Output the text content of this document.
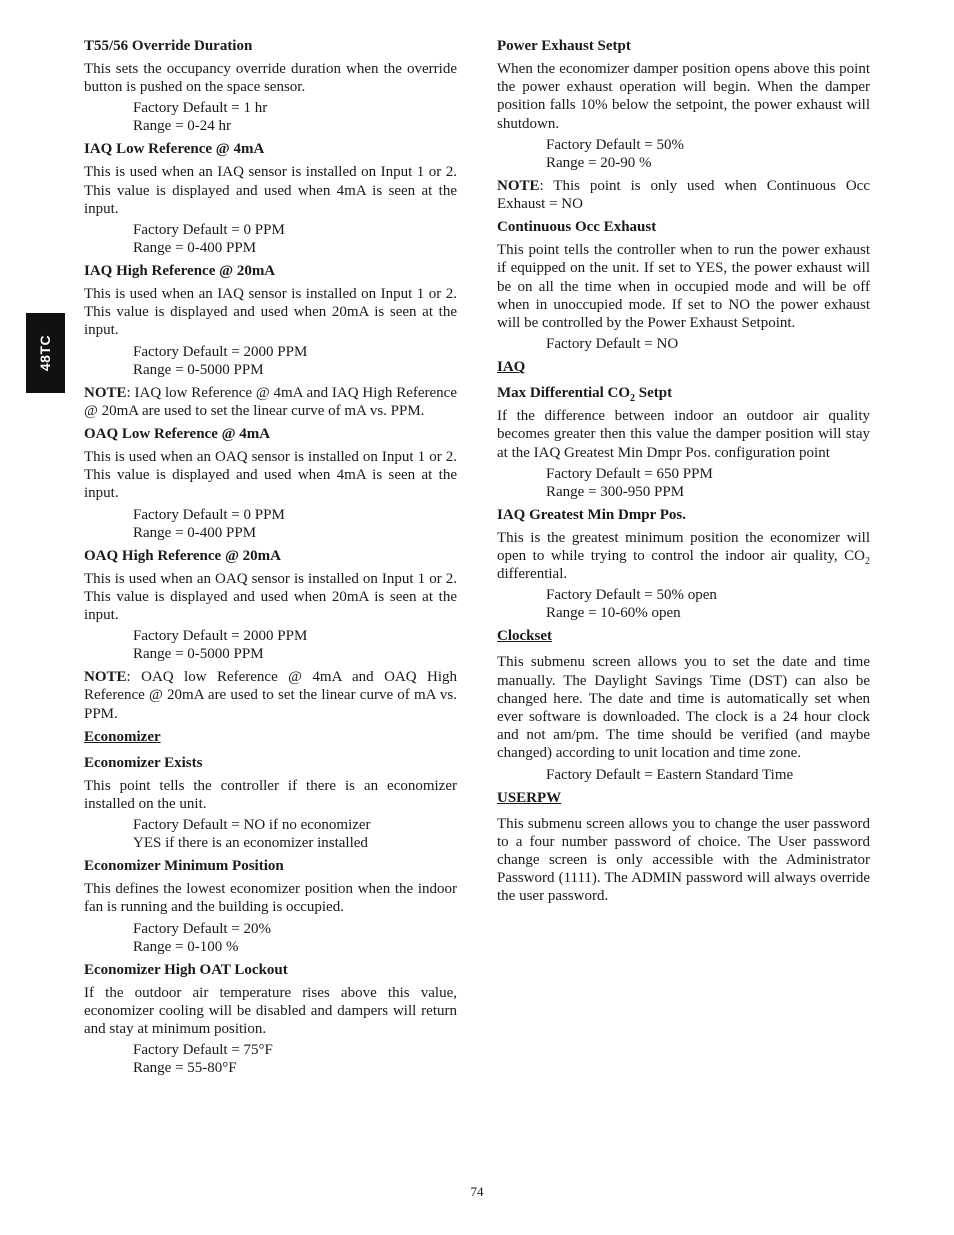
48TC
T55/56 Override Duration
This sets the occupancy override duration when the override button is pushed on the space sensor.
Factory Default = 1 hr
Range = 0-24 hr
IAQ Low Reference @ 4mA
This is used when an IAQ sensor is installed on Input 1 or 2. This value is displayed and used when 4mA is seen at the input.
Factory Default = 0 PPM
Range = 0-400 PPM
IAQ High Reference @ 20mA
This is used when an IAQ sensor is installed on Input 1 or 2. This value is displayed and used when 20mA is seen at the input.
Factory Default = 2000 PPM
Range = 0-5000 PPM
NOTE: IAQ low Reference @ 4mA and IAQ High Reference @ 20mA are used to set the linear curve of mA vs. PPM.
OAQ Low Reference @ 4mA
This is used when an OAQ sensor is installed on Input 1 or 2. This value is displayed and used when 4mA is seen at the input.
Factory Default = 0 PPM
Range = 0-400 PPM
OAQ High Reference @ 20mA
This is used when an OAQ sensor is installed on Input 1 or 2. This value is displayed and used when 20mA is seen at the input.
Factory Default = 2000 PPM
Range = 0-5000 PPM
NOTE: OAQ low Reference @ 4mA and OAQ High Reference @ 20mA are used to set the linear curve of mA vs. PPM.
Economizer
Economizer Exists
This point tells the controller if there is an economizer installed on the unit.
Factory Default = NO if no economizer
YES if there is an economizer installed
Economizer Minimum Position
This defines the lowest economizer position when the indoor fan is running and the building is occupied.
Factory Default = 20%
Range = 0-100 %
Economizer High OAT Lockout
If the outdoor air temperature rises above this value, economizer cooling will be disabled and dampers will return and stay at minimum position.
Factory Default = 75°F
Range = 55-80°F
Power Exhaust Setpt
When the economizer damper position opens above this point the power exhaust operation will begin. When the damper position falls 10% below the setpoint, the power exhaust will shutdown.
Factory Default = 50%
Range = 20-90 %
NOTE: This point is only used when Continuous Occ Exhaust = NO
Continuous Occ Exhaust
This point tells the controller when to run the power exhaust if equipped on the unit. If set to YES, the power exhaust will be on all the time when in occupied mode and will be off when in unoccupied mode. If set to NO the power exhaust will be controlled by the Power Exhaust Setpoint.
Factory Default = NO
IAQ
Max Differential $CO_2$ Setpt
If the difference between indoor an outdoor air quality becomes greater then this value the damper position will stay at the IAQ Greatest Min Dmpr Pos. configuration point
Factory Default = 650 PPM
Range = 300-950 PPM
IAQ Greatest Min Dmpr Pos.
This is the greatest minimum position the economizer will open to while trying to control the indoor air quality, $CO_2$ differential.
Factory Default = 50% open
Range = 10-60% open
Clockset
This submenu screen allows you to set the date and time manually. The Daylight Savings Time (DST) can also be changed here. The date and time is automatically set when ever software is downloaded. The clock is a 24 hour clock and not am/pm. The time should be verified (and maybe changed) according to unit location and time zone.
Factory Default = Eastern Standard Time
USERPW
This submenu screen allows you to change the user password to a four number password of choice. The User password change screen is only accessible with the Administrator Password (1111). The ADMIN password will always override the user password.
74
